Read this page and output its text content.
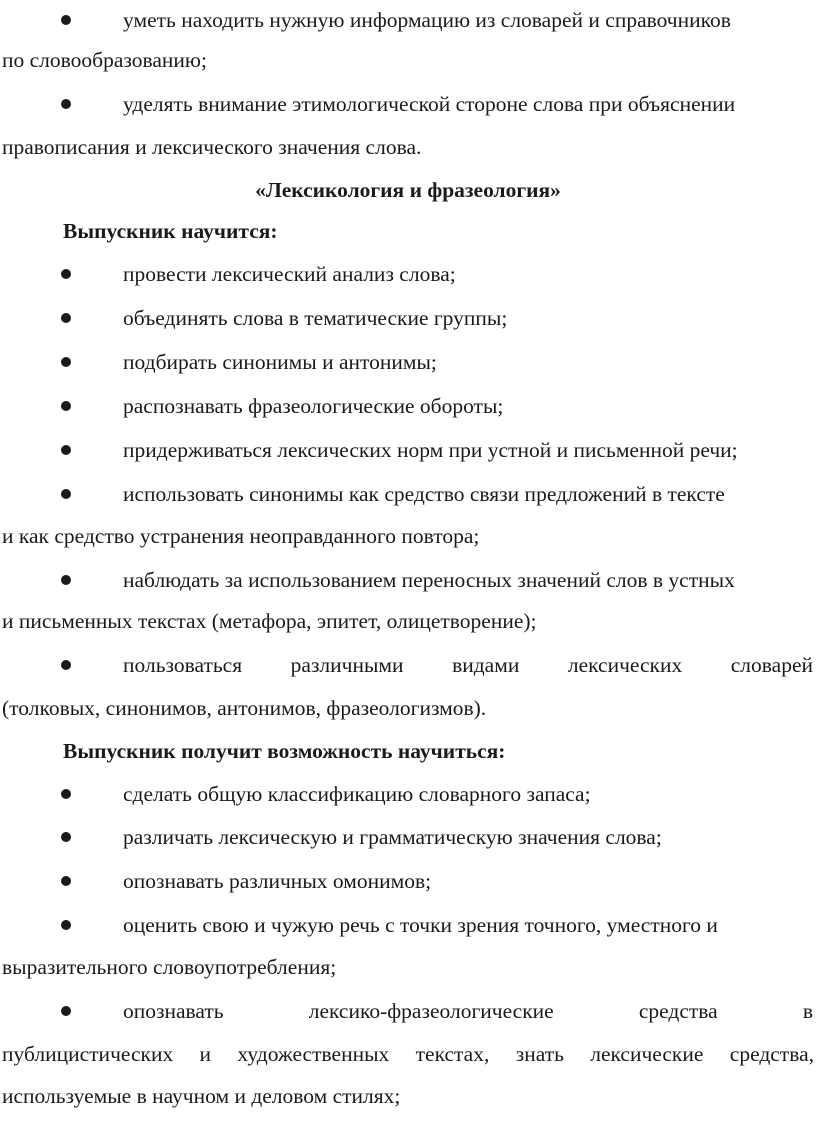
уметь находить нужную информацию из словарей и справочников
по словообразованию;
уделять внимание этимологической стороне слова при объяснении
правописания и лексического значения слова.
«Лексикология и фразеология»
Выпускник научится:
провести лексический анализ слова;
объединять слова в тематические группы;
подбирать синонимы и антонимы;
распознавать фразеологические обороты;
придерживаться лексических норм при устной и письменной речи;
использовать синонимы как средство связи предложений в тексте
и как средство устранения неоправданного повтора;
наблюдать за использованием переносных значений слов в устных
и письменных текстах (метафора, эпитет, олицетворение);
пользоваться различными видами лексических словарей
(толковых, синонимов, антонимов, фразеологизмов).
Выпускник получит возможность научиться:
сделать общую классификацию словарного запаса;
различать лексическую и грамматическую значения слова;
опознавать различных омонимов;
оценить свою и чужую речь с точки зрения точного, уместного и
выразительного словоупотребления;
опознавать лексико-фразеологические средства в
публицистических и художественных текстах, знать лексические средства,
используемые в научном и деловом стилях;
